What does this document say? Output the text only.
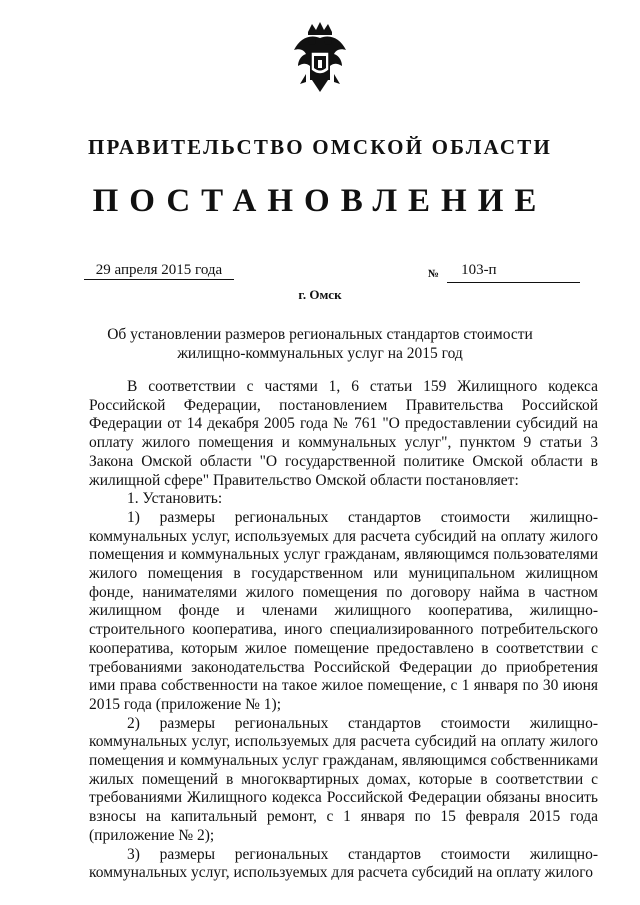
ПРАВИТЕЛЬСТВО ОМСКОЙ ОБЛАСТИ
ПОСТАНОВЛЕНИЕ
29 апреля 2015 года	№	103-п
г. Омск
Об установлении размеров региональных стандартов стоимости жилищно-коммунальных услуг на 2015 год

В соответствии с частями 1, 6 статьи 159 Жилищного кодекса Российской Федерации, постановлением Правительства Российской Федерации от 14 декабря 2005 года № 761 "О предоставлении субсидий на оплату жилого помещения и коммунальных услуг", пунктом 9 статьи 3 Закона Омской области "О государственной политике Омской области в жилищной сфере" Правительство Омской области постановляет:

1. Установить:

1) размеры региональных стандартов стоимости жилищно-коммунальных услуг, используемых для расчета субсидий на оплату жилого помещения и коммунальных услуг гражданам, являющимся пользователями жилого помещения в государственном или муниципальном жилищном фонде, нанимателями жилого помещения по договору найма в частном жилищном фонде и членами жилищного кооператива, жилищно-строительного кооператива, иного специализированного потребительского кооператива, которым жилое помещение предоставлено в соответствии с требованиями законодательства Российской Федерации до приобретения ими права собственности на такое жилое помещение, с 1 января по 30 июня 2015 года (приложение № 1);

2) размеры региональных стандартов стоимости жилищно-коммунальных услуг, используемых для расчета субсидий на оплату жилого помещения и коммунальных услуг гражданам, являющимся собственниками жилых помещений в многоквартирных домах, которые в соответствии с требованиями Жилищного кодекса Российской Федерации обязаны вносить взносы на капитальный ремонт, с 1 января по 15 февраля 2015 года (приложение № 2);

3) размеры региональных стандартов стоимости жилищно-коммунальных услуг, используемых для расчета субсидий на оплату жилого
